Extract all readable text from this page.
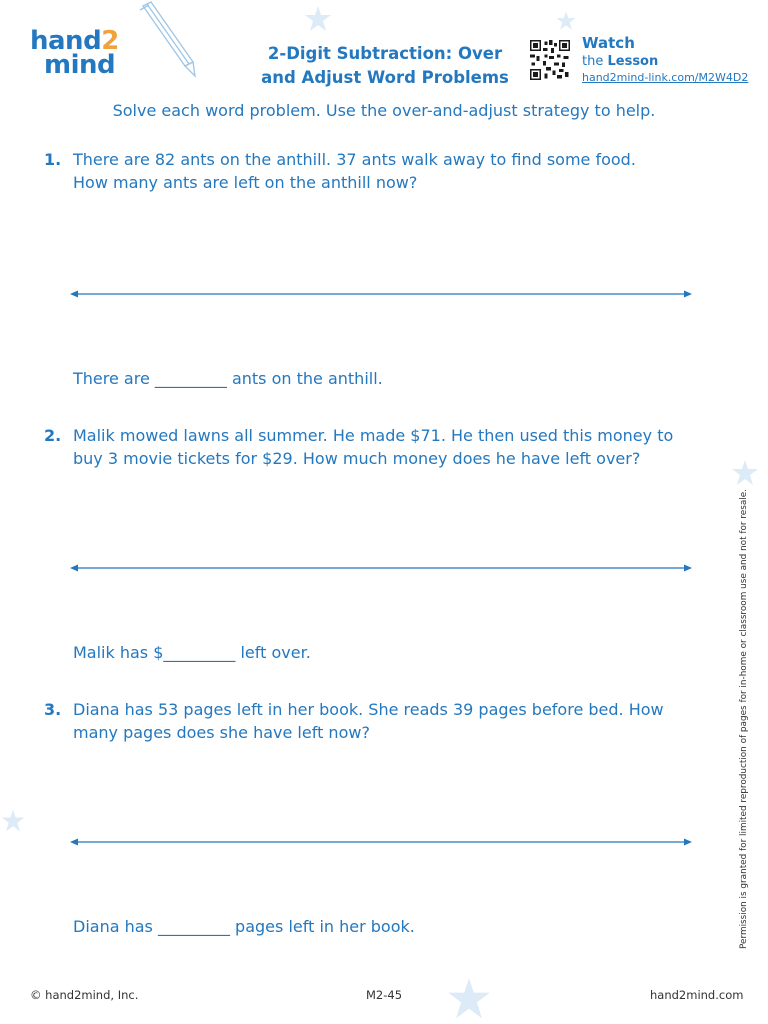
hand2
mind	2-Digit Subtraction: Over
and Adjust Word Problems
Watch
the Lesson
hand2mind-link.com/M2W4D2
Solve each word problem. Use the over-and-adjust strategy to help.
1. There are 82 ants on the anthill. 37 ants walk away to find some food.
How many ants are left on the anthill now?
There are _________ ants on the anthill.
2. Malik mowed lawns all summer. He made $71. He then used this money to
buy 3 movie tickets for $29. How much money does he have left over?
Malik has $_________ left over.
3. Diana has 53 pages left in her book. She reads 39 pages before bed. How
many pages does she have left now?
Diana has _________ pages left in her book.	Permission is granted for limited reproduction of pages for in-home or classroom use and not for resale.
© hand2mind, Inc.	M2-45	hand2mind.com
